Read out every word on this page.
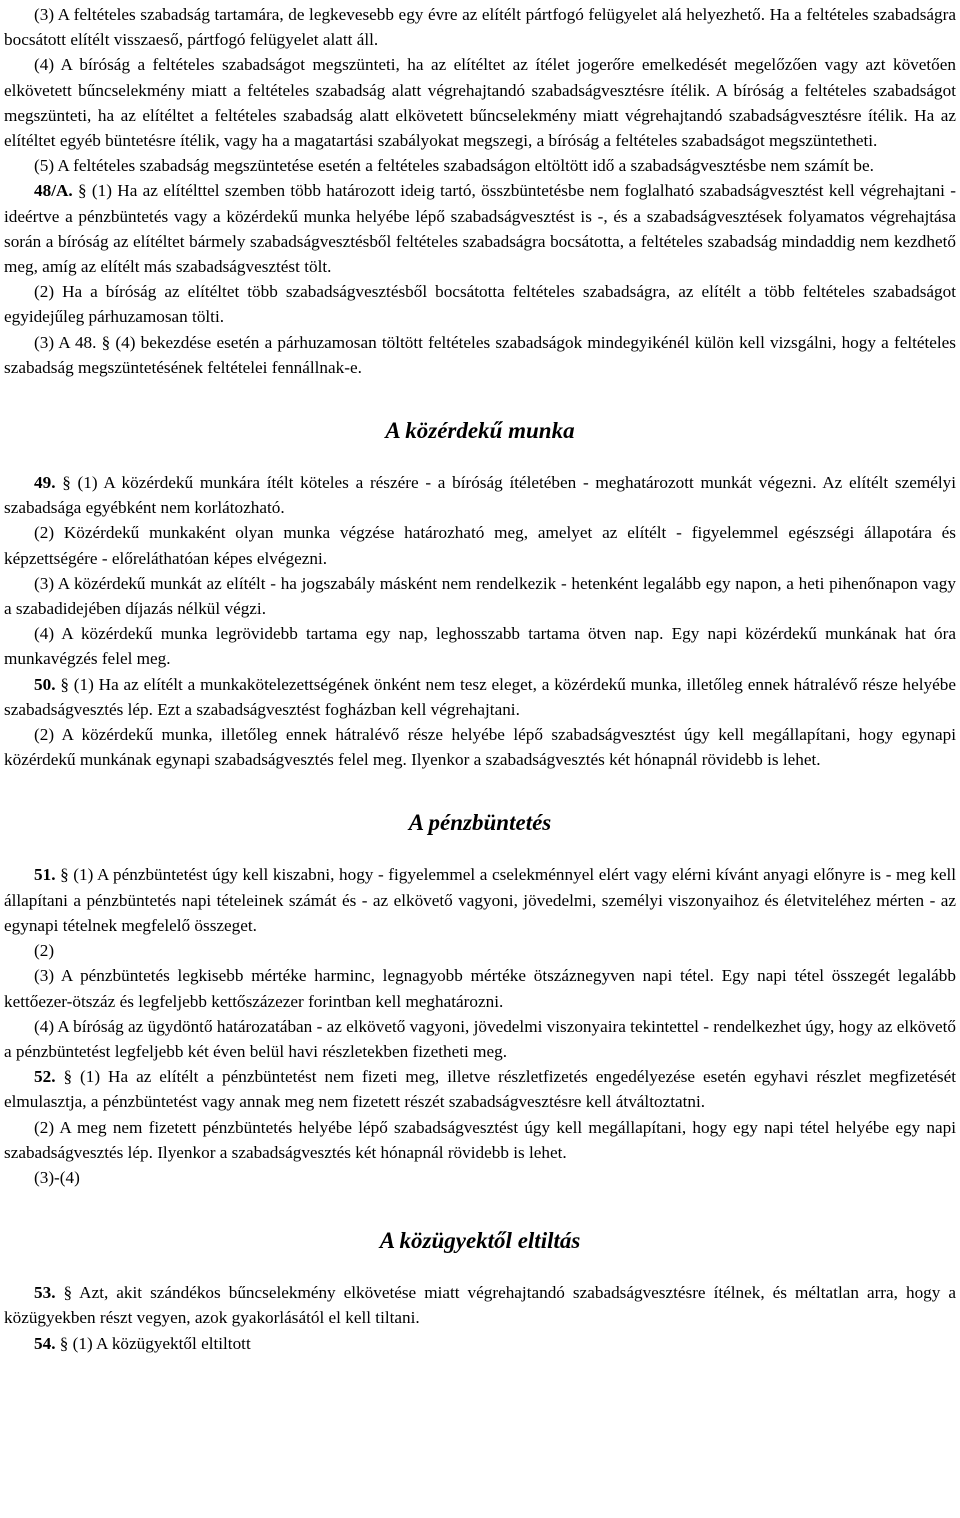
(3) A feltételes szabadság tartamára, de legkevesebb egy évre az elítélt pártfogó felügyelet alá helyezhető. Ha a feltételes szabadságra bocsátott elítélt visszaeső, pártfogó felügyelet alatt áll.

(4) A bíróság a feltételes szabadságot megszünteti, ha az elítéltet az ítélet jogerőre emelkedését megelőzően vagy azt követően elkövetett bűncselekmény miatt a feltételes szabadság alatt végrehajtandó szabadságvesztésre ítélik. A bíróság a feltételes szabadságot megszünteti, ha az elítéltet a feltételes szabadság alatt elkövetett bűncselekmény miatt végrehajtandó szabadságvesztésre ítélik. Ha az elítéltet egyéb büntetésre ítélik, vagy ha a magatartási szabályokat megszegi, a bíróság a feltételes szabadságot megszüntetheti.

(5) A feltételes szabadság megszüntetése esetén a feltételes szabadságon eltöltött idő a szabadságvesztésbe nem számít be.

48/A. § (1) Ha az elítélttel szemben több határozott ideig tartó, összbüntetésbe nem foglalható szabadságvesztést kell végrehajtani - ideértve a pénzbüntetés vagy a közérdekű munka helyébe lépő szabadságvesztést is -, és a szabadságvesztések folyamatos végrehajtása során a bíróság az elítéltet bármely szabadságvesztésből feltételes szabadságra bocsátotta, a feltételes szabadság mindaddig nem kezdhető meg, amíg az elítélt más szabadságvesztést tölt.

(2) Ha a bíróság az elítéltet több szabadságvesztésből bocsátotta feltételes szabadságra, az elítélt a több feltételes szabadságot egyidejűleg párhuzamosan tölti.

(3) A 48. § (4) bekezdése esetén a párhuzamosan töltött feltételes szabadságok mindegyikénél külön kell vizsgálni, hogy a feltételes szabadság megszüntetésének feltételei fennállnak-e.

A közérdekű munka

49. § (1) A közérdekű munkára ítélt köteles a részére - a bíróság ítéletében - meghatározott munkát végezni. Az elítélt személyi szabadsága egyébként nem korlátozható.

(2) Közérdekű munkaként olyan munka végzése határozható meg, amelyet az elítélt - figyelemmel egészségi állapotára és képzettségére - előreláthatóan képes elvégezni.

(3) A közérdekű munkát az elítélt - ha jogszabály másként nem rendelkezik - hetenként legalább egy napon, a heti pihenőnapon vagy a szabadidejében díjazás nélkül végzi.

(4) A közérdekű munka legrövidebb tartama egy nap, leghosszabb tartama ötven nap. Egy napi közérdekű munkának hat óra munkavégzés felel meg.

50. § (1) Ha az elítélt a munkakötelezettségének önként nem tesz eleget, a közérdekű munka, illetőleg ennek hátralévő része helyébe szabadságvesztés lép. Ezt a szabadságvesztést fogházban kell végrehajtani.

(2) A közérdekű munka, illetőleg ennek hátralévő része helyébe lépő szabadságvesztést úgy kell megállapítani, hogy egynapi közérdekű munkának egynapi szabadságvesztés felel meg. Ilyenkor a szabadságvesztés két hónapnál rövidebb is lehet.

A pénzbüntetés

51. § (1) A pénzbüntetést úgy kell kiszabni, hogy - figyelemmel a cselekménnyel elért vagy elérni kívánt anyagi előnyre is - meg kell állapítani a pénzbüntetés napi tételeinek számát és - az elkövető vagyoni, jövedelmi, személyi viszonyaihoz és életviteléhez mérten - az egynapi tételnek megfelelő összeget.

(2)

(3) A pénzbüntetés legkisebb mértéke harminc, legnagyobb mértéke ötszáznegyven napi tétel. Egy napi tétel összegét legalább kettőezer-ötszáz és legfeljebb kettőszázezer forintban kell meghatározni.

(4) A bíróság az ügydöntő határozatában - az elkövető vagyoni, jövedelmi viszonyaira tekintettel - rendelkezhet úgy, hogy az elkövető a pénzbüntetést legfeljebb két éven belül havi részletekben fizetheti meg.

52. § (1) Ha az elítélt a pénzbüntetést nem fizeti meg, illetve részletfizetés engedélyezése esetén egyhavi részlet megfizetését elmulasztja, a pénzbüntetést vagy annak meg nem fizetett részét szabadságvesztésre kell átváltoztatni.

(2) A meg nem fizetett pénzbüntetés helyébe lépő szabadságvesztést úgy kell megállapítani, hogy egy napi tétel helyébe egy napi szabadságvesztés lép. Ilyenkor a szabadságvesztés két hónapnál rövidebb is lehet.

(3)-(4)

A közügyektől eltiltás

53. § Azt, akit szándékos bűncselekmény elkövetése miatt végrehajtandó szabadságvesztésre ítélnek, és méltatlan arra, hogy a közügyekben részt vegyen, azok gyakorlásától el kell tiltani.

54. § (1) A közügyektől eltiltott
